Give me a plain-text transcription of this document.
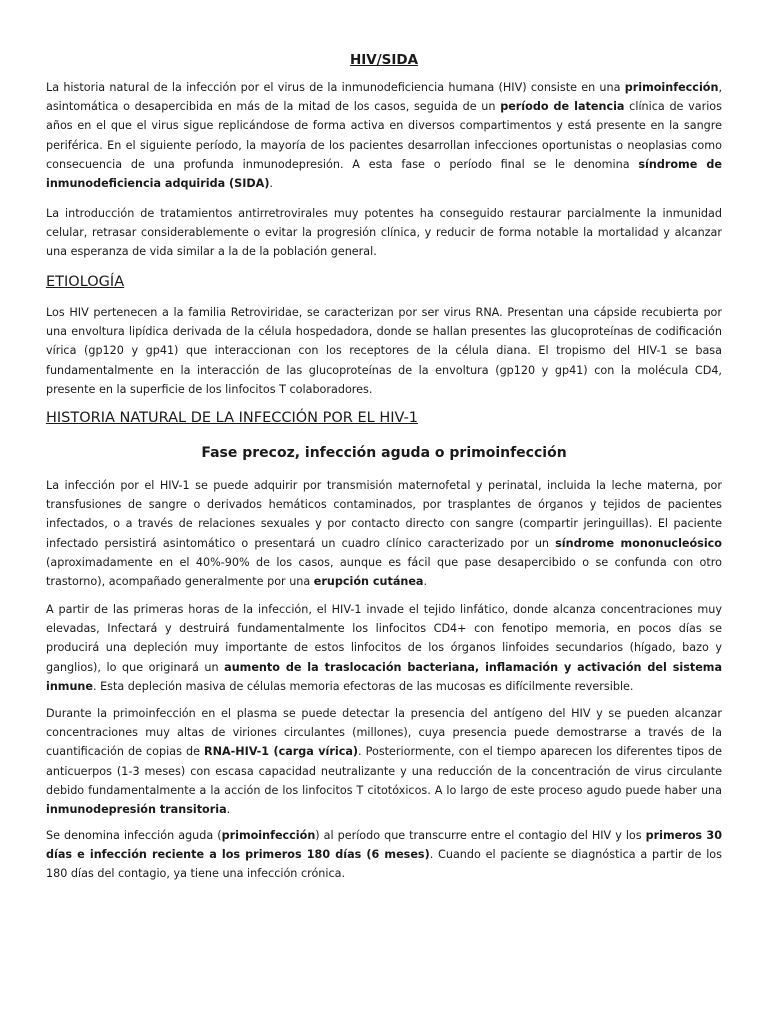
HIV/SIDA

La historia natural de la infección por el virus de la inmunodeficiencia humana (HIV) consiste en una primoinfección, asintomática o desapercibida en más de la mitad de los casos, seguida de un período de latencia clínica de varios años en el que el virus sigue replicándose de forma activa en diversos compartimentos y está presente en la sangre periférica. En el siguiente período, la mayoría de los pacientes desarrollan infecciones oportunistas o neoplasias como consecuencia de una profunda inmunodepresión. A esta fase o período final se le denomina síndrome de inmunodeficiencia adquirida (SIDA).

La introducción de tratamientos antirretrovirales muy potentes ha conseguido restaurar parcialmente la inmunidad celular, retrasar considerablemente o evitar la progresión clínica, y reducir de forma notable la mortalidad y alcanzar una esperanza de vida similar a la de la población general.

ETIOLOGÍA

Los HIV pertenecen a la familia Retroviridae, se caracterizan por ser virus RNA. Presentan una cápside recubierta por una envoltura lipídica derivada de la célula hospedadora, donde se hallan presentes las glucoproteínas de codificación vírica (gp120 y gp41) que interaccionan con los receptores de la célula diana. El tropismo del HIV-1 se basa fundamentalmente en la interacción de las glucoproteínas de la envoltura (gp120 y gp41) con la molécula CD4, presente en la superficie de los linfocitos T colaboradores.

HISTORIA NATURAL DE LA INFECCIÓN POR EL HIV-1
Fase precoz, infección aguda o primoinfección

La infección por el HIV-1 se puede adquirir por transmisión maternofetal y perinatal, incluida la leche materna, por transfusiones de sangre o derivados hemáticos contaminados, por trasplantes de órganos y tejidos de pacientes infectados, o a través de relaciones sexuales y por contacto directo con sangre (compartir jeringuillas). El paciente infectado persistirá asintomático o presentará un cuadro clínico caracterizado por un síndrome mononucleósico (aproximadamente en el 40%-90% de los casos, aunque es fácil que pase desapercibido o se confunda con otro trastorno), acompañado generalmente por una erupción cutánea.

A partir de las primeras horas de la infección, el HIV-1 invade el tejido linfático, donde alcanza concentraciones muy elevadas, Infectará y destruirá fundamentalmente los linfocitos CD4+ con fenotipo memoria, en pocos días se producirá una depleción muy importante de estos linfocitos de los órganos linfoides secundarios (hígado, bazo y ganglios), lo que originará un aumento de la traslocación bacteriana, inflamación y activación del sistema inmune. Esta depleción masiva de células memoria efectoras de las mucosas es difícilmente reversible.

Durante la primoinfección en el plasma se puede detectar la presencia del antígeno del HIV y se pueden alcanzar concentraciones muy altas de viriones circulantes (millones), cuya presencia puede demostrarse a través de la cuantificación de copias de RNA-HIV-1 (carga vírica). Posteriormente, con el tiempo aparecen los diferentes tipos de anticuerpos (1-3 meses) con escasa capacidad neutralizante y una reducción de la concentración de virus circulante debido fundamentalmente a la acción de los linfocitos T citotóxicos. A lo largo de este proceso agudo puede haber una inmunodepresión transitoria.

Se denomina infección aguda (primoinfección) al período que transcurre entre el contagio del HIV y los primeros 30 días e infección reciente a los primeros 180 días (6 meses). Cuando el paciente se diagnóstica a partir de los 180 días del contagio, ya tiene una infección crónica.
